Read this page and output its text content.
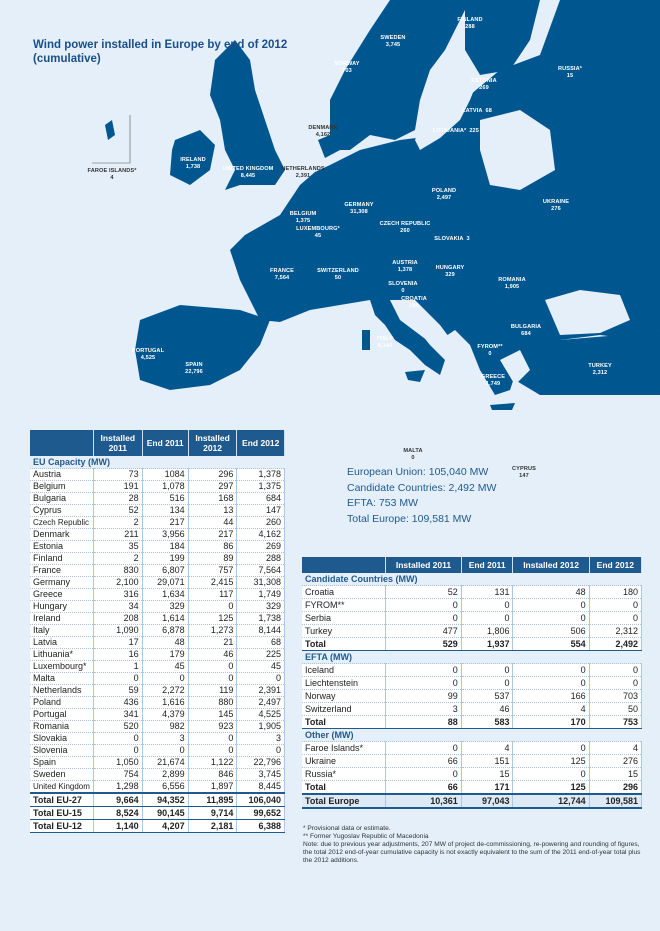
Wind power installed in Europe by end of 2012 (cumulative)
FAROE ISLANDS*
4
IRELAND
1,738	UNITED KINGDOM
8,445
DENMARK
4,162
NETHERLANDS
2,391
BELGIUM
1,375
LUXEMBOURG*
45
GERMANY
31,308
FRANCE
7,564
SWITZERLAND
50
NORWAY
703
SWEDEN
3,745
FINLAND
288
ESTONIA
269
LATVIA 68
LITHUANIA* 225
RUSSIA*
15
POLAND
2,497
UKRAINE
276
CZECH REPUBLIC
260
SLOVAKIA 3
AUSTRIA
1,378	HUNGARY
329
SLOVENIA
0
CROATIA
180
ROMANIA
1,905
BULGARIA
684
FYROM**
0
GREECE
1,749
TURKEY
2,312
ITALY
8,144
PORTUGAL
4,525
SPAIN
22,796
MALTA
0
CYPRUS
147
European Union: 105,040 MW
Candidate Countries: 2,492 MW
EFTA: 753 MW
Total Europe: 109,581 MW
	Installed 2011	End 2011	Installed 2012	End 2012
EU Capacity (MW)				
Austria	73	1084	296	1,378
Belgium	191	1,078	297	1,375
Bulgaria	28	516	168	684
Cyprus	52	134	13	147
Czech Republic	2	217	44	260
Denmark	211	3,956	217	4,162
Estonia	35	184	86	269
Finland	2	199	89	288
France	830	6,807	757	7,564
Germany	2,100	29,071	2,415	31,308
Greece	316	1,634	117	1,749
Hungary	34	329	0	329
Ireland	208	1,614	125	1,738
Italy	1,090	6,878	1,273	8,144
Latvia	17	48	21	68
Lithuania*	16	179	46	225
Luxembourg*	1	45	0	45
Malta	0	0	0	0
Netherlands	59	2,272	119	2,391
Poland	436	1,616	880	2,497
Portugal	341	4,379	145	4,525
Romania	520	982	923	1,905
Slovakia	0	3	0	3
Slovenia	0	0	0	0
Spain	1,050	21,674	1,122	22,796
Sweden	754	2,899	846	3,745
United Kingdom	1,298	6,556	1,897	8,445
Total EU-27	9,664	94,352	11,895	106,040
Total EU-15	8,524	90,145	9,714	99,652
Total EU-12	1,140	4,207	2,181	6,388
	Installed 2011	End 2011	Installed 2012	End 2012
Candidate Countries (MW)				
Croatia	52	131	48	180
FYROM**	0	0	0	0
Serbia	0	0	0	0
Turkey	477	1,806	506	2,312
Total	529	1,937	554	2,492
EFTA (MW)				
Iceland	0	0	0	0
Liechtenstein	0	0	0	0
Norway	99	537	166	703
Switzerland	3	46	4	50
Total	88	583	170	753
Other (MW)				
Faroe Islands*	0	4	0	4
Ukraine	66	151	125	276
Russia*	0	15	0	15
Total	66	171	125	296
Total Europe	10,361	97,043	12,744	109,581
* Provisional data or estimate.
** Former Yugoslav Republic of Macedonia
Note: due to previous year adjustments, 207 MW of project de-commissioning, re-powering and rounding of figures, the total 2012 end-of-year cumulative capacity is not exactly equivalent to the sum of the 2011 end-of-year total plus the 2012 additions.
